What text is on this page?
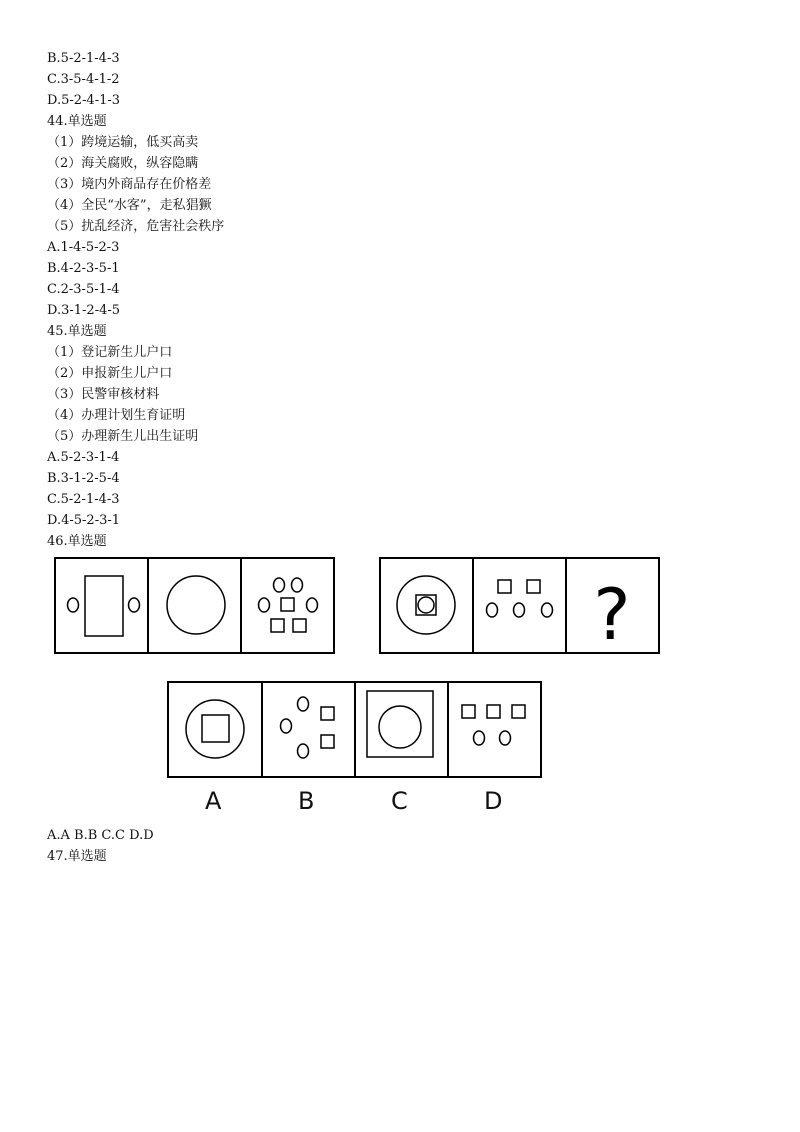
B.5-2-1-4-3
C.3-5-4-1-2
D.5-2-4-1-3
44.单选题
（1）跨境运输，低买高卖
（2）海关腐败，纵容隐瞒
（3）境内外商品存在价格差
（4）全民“水客”，走私猖獗
（5）扰乱经济，危害社会秩序
A.1-4-5-2-3
B.4-2-3-5-1
C.2-3-5-1-4
D.3-1-2-4-5
45.单选题
（1）登记新生儿户口
（2）申报新生儿户口
（3）民警审核材料
（4）办理计划生育证明
（5）办理新生儿出生证明
A.5-2-3-1-4
B.3-1-2-5-4
C.5-2-1-4-3
D.4-5-2-3-1
46.单选题
?
A	B	C	D
A.A B.B C.C D.D
47.单选题
